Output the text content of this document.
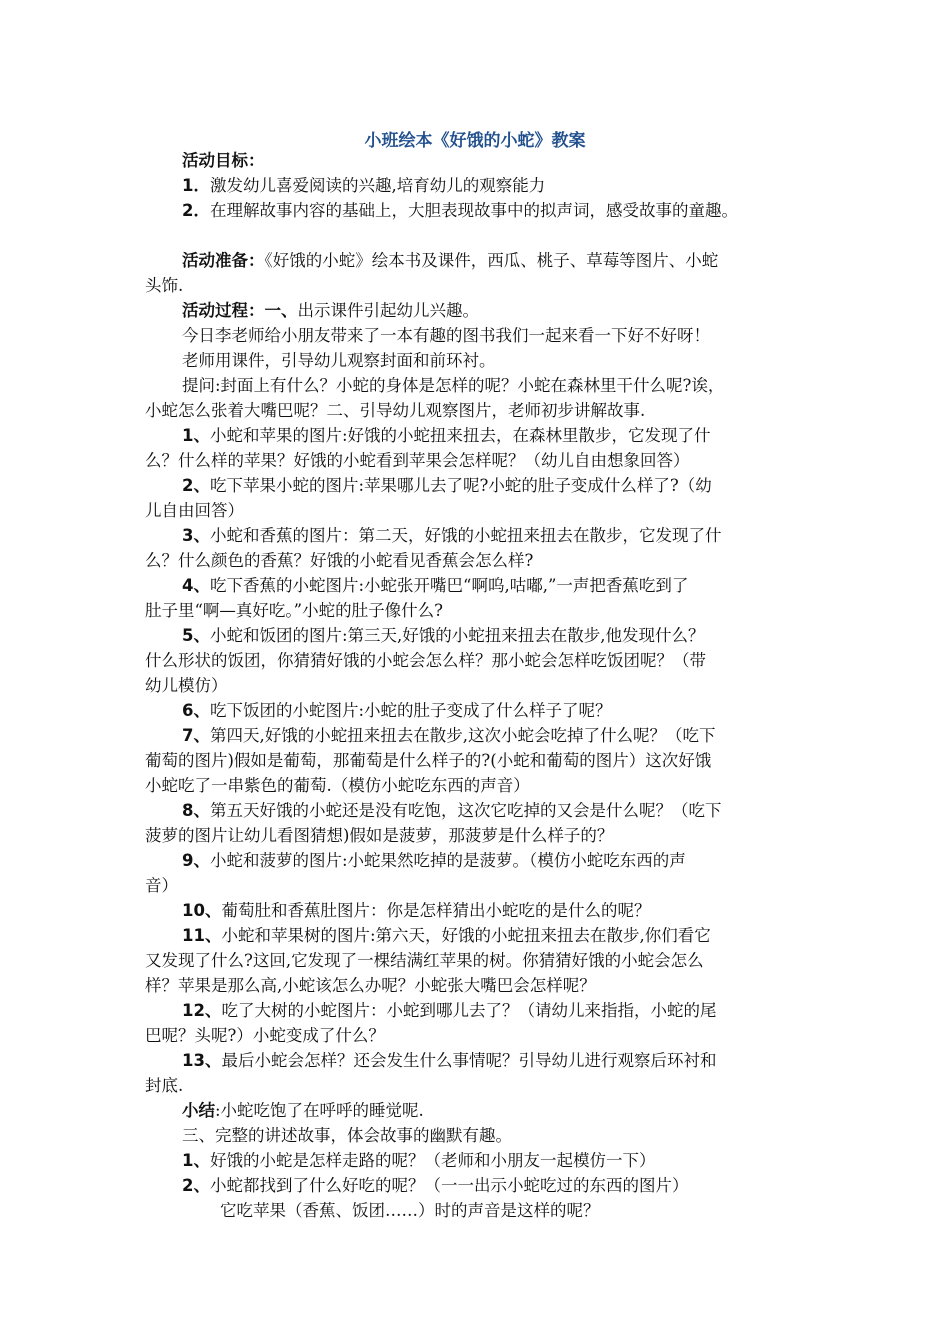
小班绘本《好饿的小蛇》教案
活动目标：
1．激发幼儿喜爱阅读的兴趣,培育幼儿的观察能力
2．在理解故事内容的基础上，大胆表现故事中的拟声词，感受故事的童趣。
活动准备：《好饿的小蛇》绘本书及课件，西瓜、桃子、草莓等图片、小蛇
头饰.
活动过程：一、出示课件引起幼儿兴趣。
今日李老师给小朋友带来了一本有趣的图书我们一起来看一下好不好呀！
老师用课件，引导幼儿观察封面和前环衬。
提问:封面上有什么？小蛇的身体是怎样的呢？小蛇在森林里干什么呢?诶，
小蛇怎么张着大嘴巴呢？二、引导幼儿观察图片，老师初步讲解故事.
1、小蛇和苹果的图片:好饿的小蛇扭来扭去，在森林里散步，它发现了什
么？什么样的苹果？好饿的小蛇看到苹果会怎样呢？（幼儿自由想象回答）
2、吃下苹果小蛇的图片:苹果哪儿去了呢?小蛇的肚子变成什么样了?（幼
儿自由回答）
3、小蛇和香蕉的图片：第二天，好饿的小蛇扭来扭去在散步，它发现了什
么？什么颜色的香蕉？好饿的小蛇看见香蕉会怎么样?
4、吃下香蕉的小蛇图片:小蛇张开嘴巴“啊呜,咕嘟,”一声把香蕉吃到了
肚子里“啊—真好吃。”小蛇的肚子像什么?
5、小蛇和饭团的图片:第三天,好饿的小蛇扭来扭去在散步,他发现什么？
什么形状的饭团，你猜猜好饿的小蛇会怎么样？那小蛇会怎样吃饭团呢？（带
幼儿模仿）
6、吃下饭团的小蛇图片:小蛇的肚子变成了什么样子了呢？
7、第四天,好饿的小蛇扭来扭去在散步,这次小蛇会吃掉了什么呢？（吃下
葡萄的图片)假如是葡萄，那葡萄是什么样子的?(小蛇和葡萄的图片）这次好饿
小蛇吃了一串紫色的葡萄.（模仿小蛇吃东西的声音）
8、第五天好饿的小蛇还是没有吃饱，这次它吃掉的又会是什么呢？（吃下
菠萝的图片让幼儿看图猜想)假如是菠萝，那菠萝是什么样子的？
9、小蛇和菠萝的图片:小蛇果然吃掉的是菠萝。（模仿小蛇吃东西的声
音）
10、葡萄肚和香蕉肚图片：你是怎样猜出小蛇吃的是什么的呢？
11、小蛇和苹果树的图片:第六天，好饿的小蛇扭来扭去在散步,你们看它
又发现了什么?这回,它发现了一棵结满红苹果的树。你猜猜好饿的小蛇会怎么
样？苹果是那么高,小蛇该怎么办呢？小蛇张大嘴巴会怎样呢？
12、吃了大树的小蛇图片：小蛇到哪儿去了？（请幼儿来指指，小蛇的尾
巴呢？头呢?）小蛇变成了什么？
13、最后小蛇会怎样？还会发生什么事情呢？引导幼儿进行观察后环衬和
封底.
小结:小蛇吃饱了在呼呼的睡觉呢.
三、完整的讲述故事，体会故事的幽默有趣。
1、好饿的小蛇是怎样走路的呢？（老师和小朋友一起模仿一下）
2、小蛇都找到了什么好吃的呢？（一一出示小蛇吃过的东西的图片）
它吃苹果（香蕉、饭团……）时的声音是这样的呢？
